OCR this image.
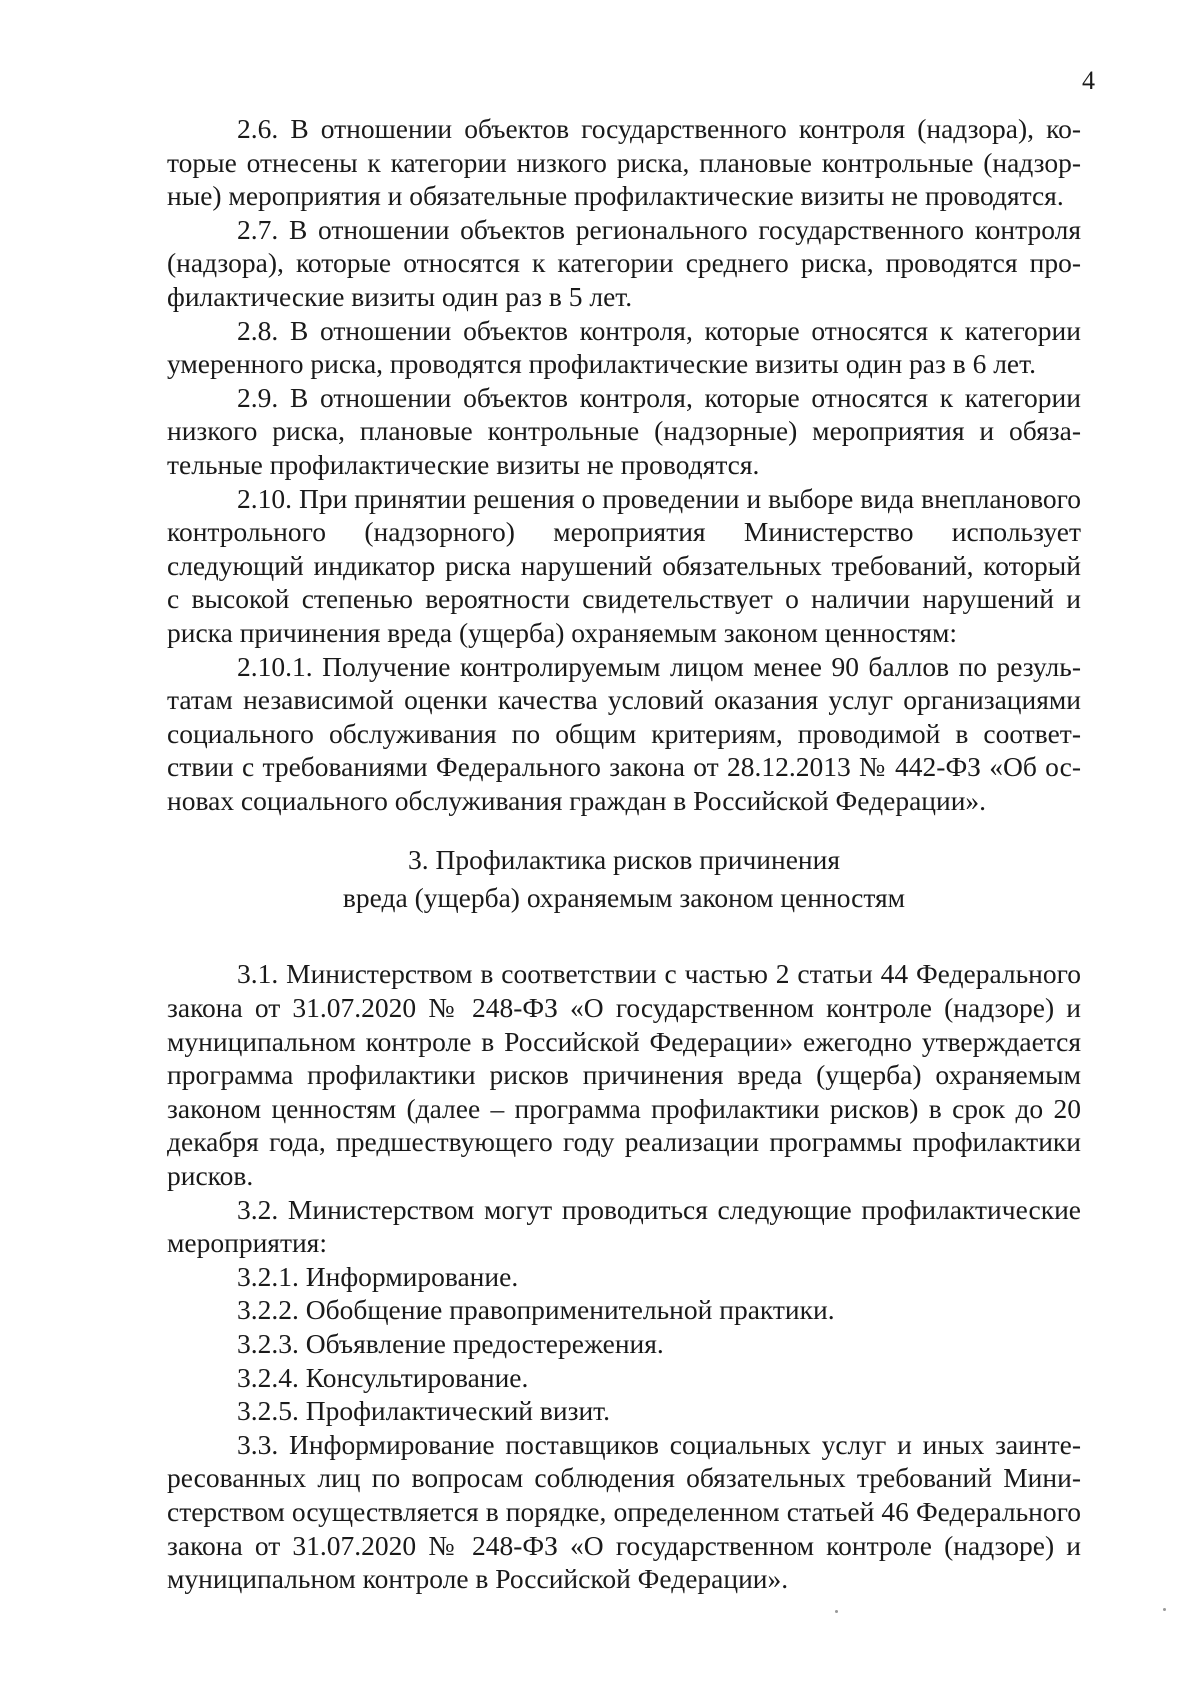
4

2.6. В отношении объектов государственного контроля (надзора), которые отнесены к категории низкого риска, плановые контрольные (надзорные) мероприятия и обязательные профилактические визиты не проводятся.

2.7. В отношении объектов регионального государственного контроля (надзора), которые относятся к категории среднего риска, проводятся профилактические визиты один раз в 5 лет.

2.8. В отношении объектов контроля, которые относятся к категории умеренного риска, проводятся профилактические визиты один раз в 6 лет.

2.9. В отношении объектов контроля, которые относятся к категории низкого риска, плановые контрольные (надзорные) мероприятия и обязательные профилактические визиты не проводятся.

2.10. При принятии решения о проведении и выборе вида внепланового контрольного (надзорного) мероприятия Министерство использует следующий индикатор риска нарушений обязательных требований, который с высокой степенью вероятности свидетельствует о наличии нарушений и риска причинения вреда (ущерба) охраняемым законом ценностям:

2.10.1. Получение контролируемым лицом менее 90 баллов по результатам независимой оценки качества условий оказания услуг организациями социального обслуживания по общим критериям, проводимой в соответствии с требованиями Федерального закона от 28.12.2013 № 442-ФЗ «Об основах социального обслуживания граждан в Российской Федерации».

3. Профилактика рисков причинения
вреда (ущерба) охраняемым законом ценностям

3.1. Министерством в соответствии с частью 2 статьи 44 Федерального закона от 31.07.2020 № 248-ФЗ «О государственном контроле (надзоре) и муниципальном контроле в Российской Федерации» ежегодно утверждается программа профилактики рисков причинения вреда (ущерба) охраняемым законом ценностям (далее – программа профилактики рисков) в срок до 20 декабря года, предшествующего году реализации программы профилактики рисков.

3.2. Министерством могут проводиться следующие профилактические мероприятия:

3.2.1. Информирование.

3.2.2. Обобщение правоприменительной практики.

3.2.3. Объявление предостережения.

3.2.4. Консультирование.

3.2.5. Профилактический визит.

3.3. Информирование поставщиков социальных услуг и иных заинтересованных лиц по вопросам соблюдения обязательных требований Министерством осуществляется в порядке, определенном статьей 46 Федерального закона от 31.07.2020 № 248-ФЗ «О государственном контроле (надзоре) и муниципальном контроле в Российской Федерации».
